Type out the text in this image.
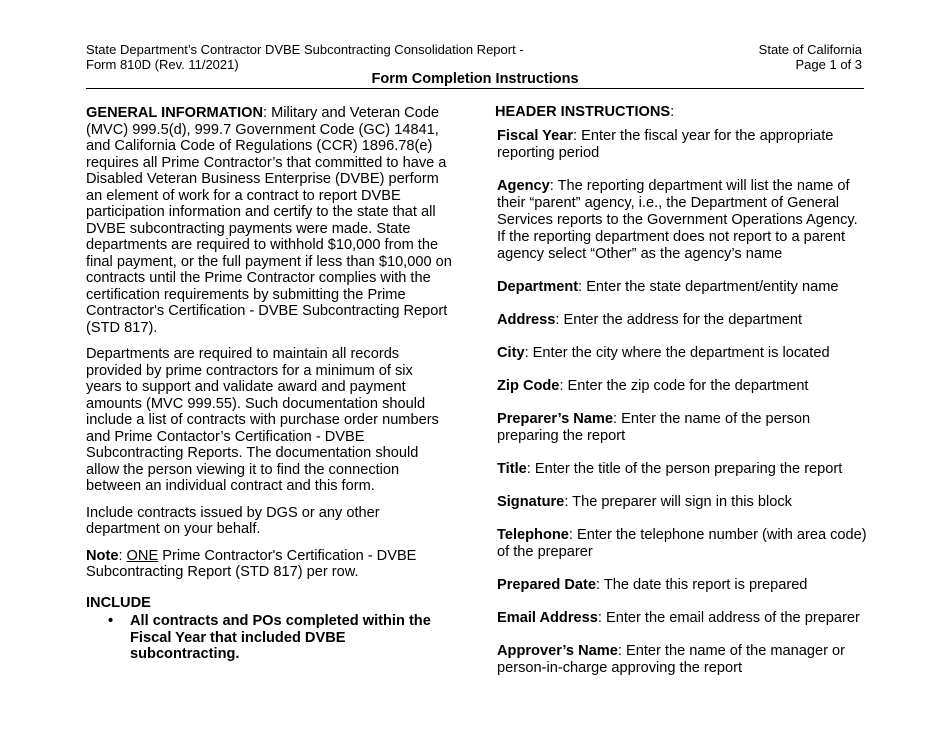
State Department’s Contractor DVBE Subcontracting Consolidation Report -
Form 810D (Rev. 11/2021)
State of California
Page 1 of 3
Form Completion Instructions

GENERAL INFORMATION: Military and Veteran Code (MVC) 999.5(d), 999.7 Government Code (GC) 14841, and California Code of Regulations (CCR) 1896.78(e) requires all Prime Contractor’s that committed to have a Disabled Veteran Business Enterprise (DVBE) perform an element of work for a contract to report DVBE participation information and certify to the state that all DVBE subcontracting payments were made. State departments are required to withhold $10,000 from the final payment, or the full payment if less than $10,000 on contracts until the Prime Contractor complies with the certification requirements by submitting the Prime Contractor's Certification - DVBE Subcontracting Report (STD 817).

Departments are required to maintain all records provided by prime contractors for a minimum of six years to support and validate award and payment amounts (MVC 999.55). Such documentation should include a list of contracts with purchase order numbers and Prime Contactor’s Certification - DVBE Subcontracting Reports. The documentation should allow the person viewing it to find the connection between an individual contract and this form.

Include contracts issued by DGS or any other department on your behalf.

Note: ONE Prime Contractor's Certification - DVBE Subcontracting Report (STD 817) per row.

INCLUDE
• All contracts and POs completed within the Fiscal Year that included DVBE subcontracting.
HEADER INSTRUCTIONS:
Fiscal Year: Enter the fiscal year for the appropriate reporting period
Agency: The reporting department will list the name of their “parent” agency, i.e., the Department of General Services reports to the Government Operations Agency. If the reporting department does not report to a parent agency select “Other” as the agency’s name
Department: Enter the state department/entity name
Address: Enter the address for the department
City: Enter the city where the department is located
Zip Code: Enter the zip code for the department
Preparer’s Name: Enter the name of the person preparing the report
Title: Enter the title of the person preparing the report
Signature: The preparer will sign in this block
Telephone: Enter the telephone number (with area code) of the preparer
Prepared Date: The date this report is prepared
Email Address: Enter the email address of the preparer
Approver’s Name: Enter the name of the manager or person-in-charge approving the report
